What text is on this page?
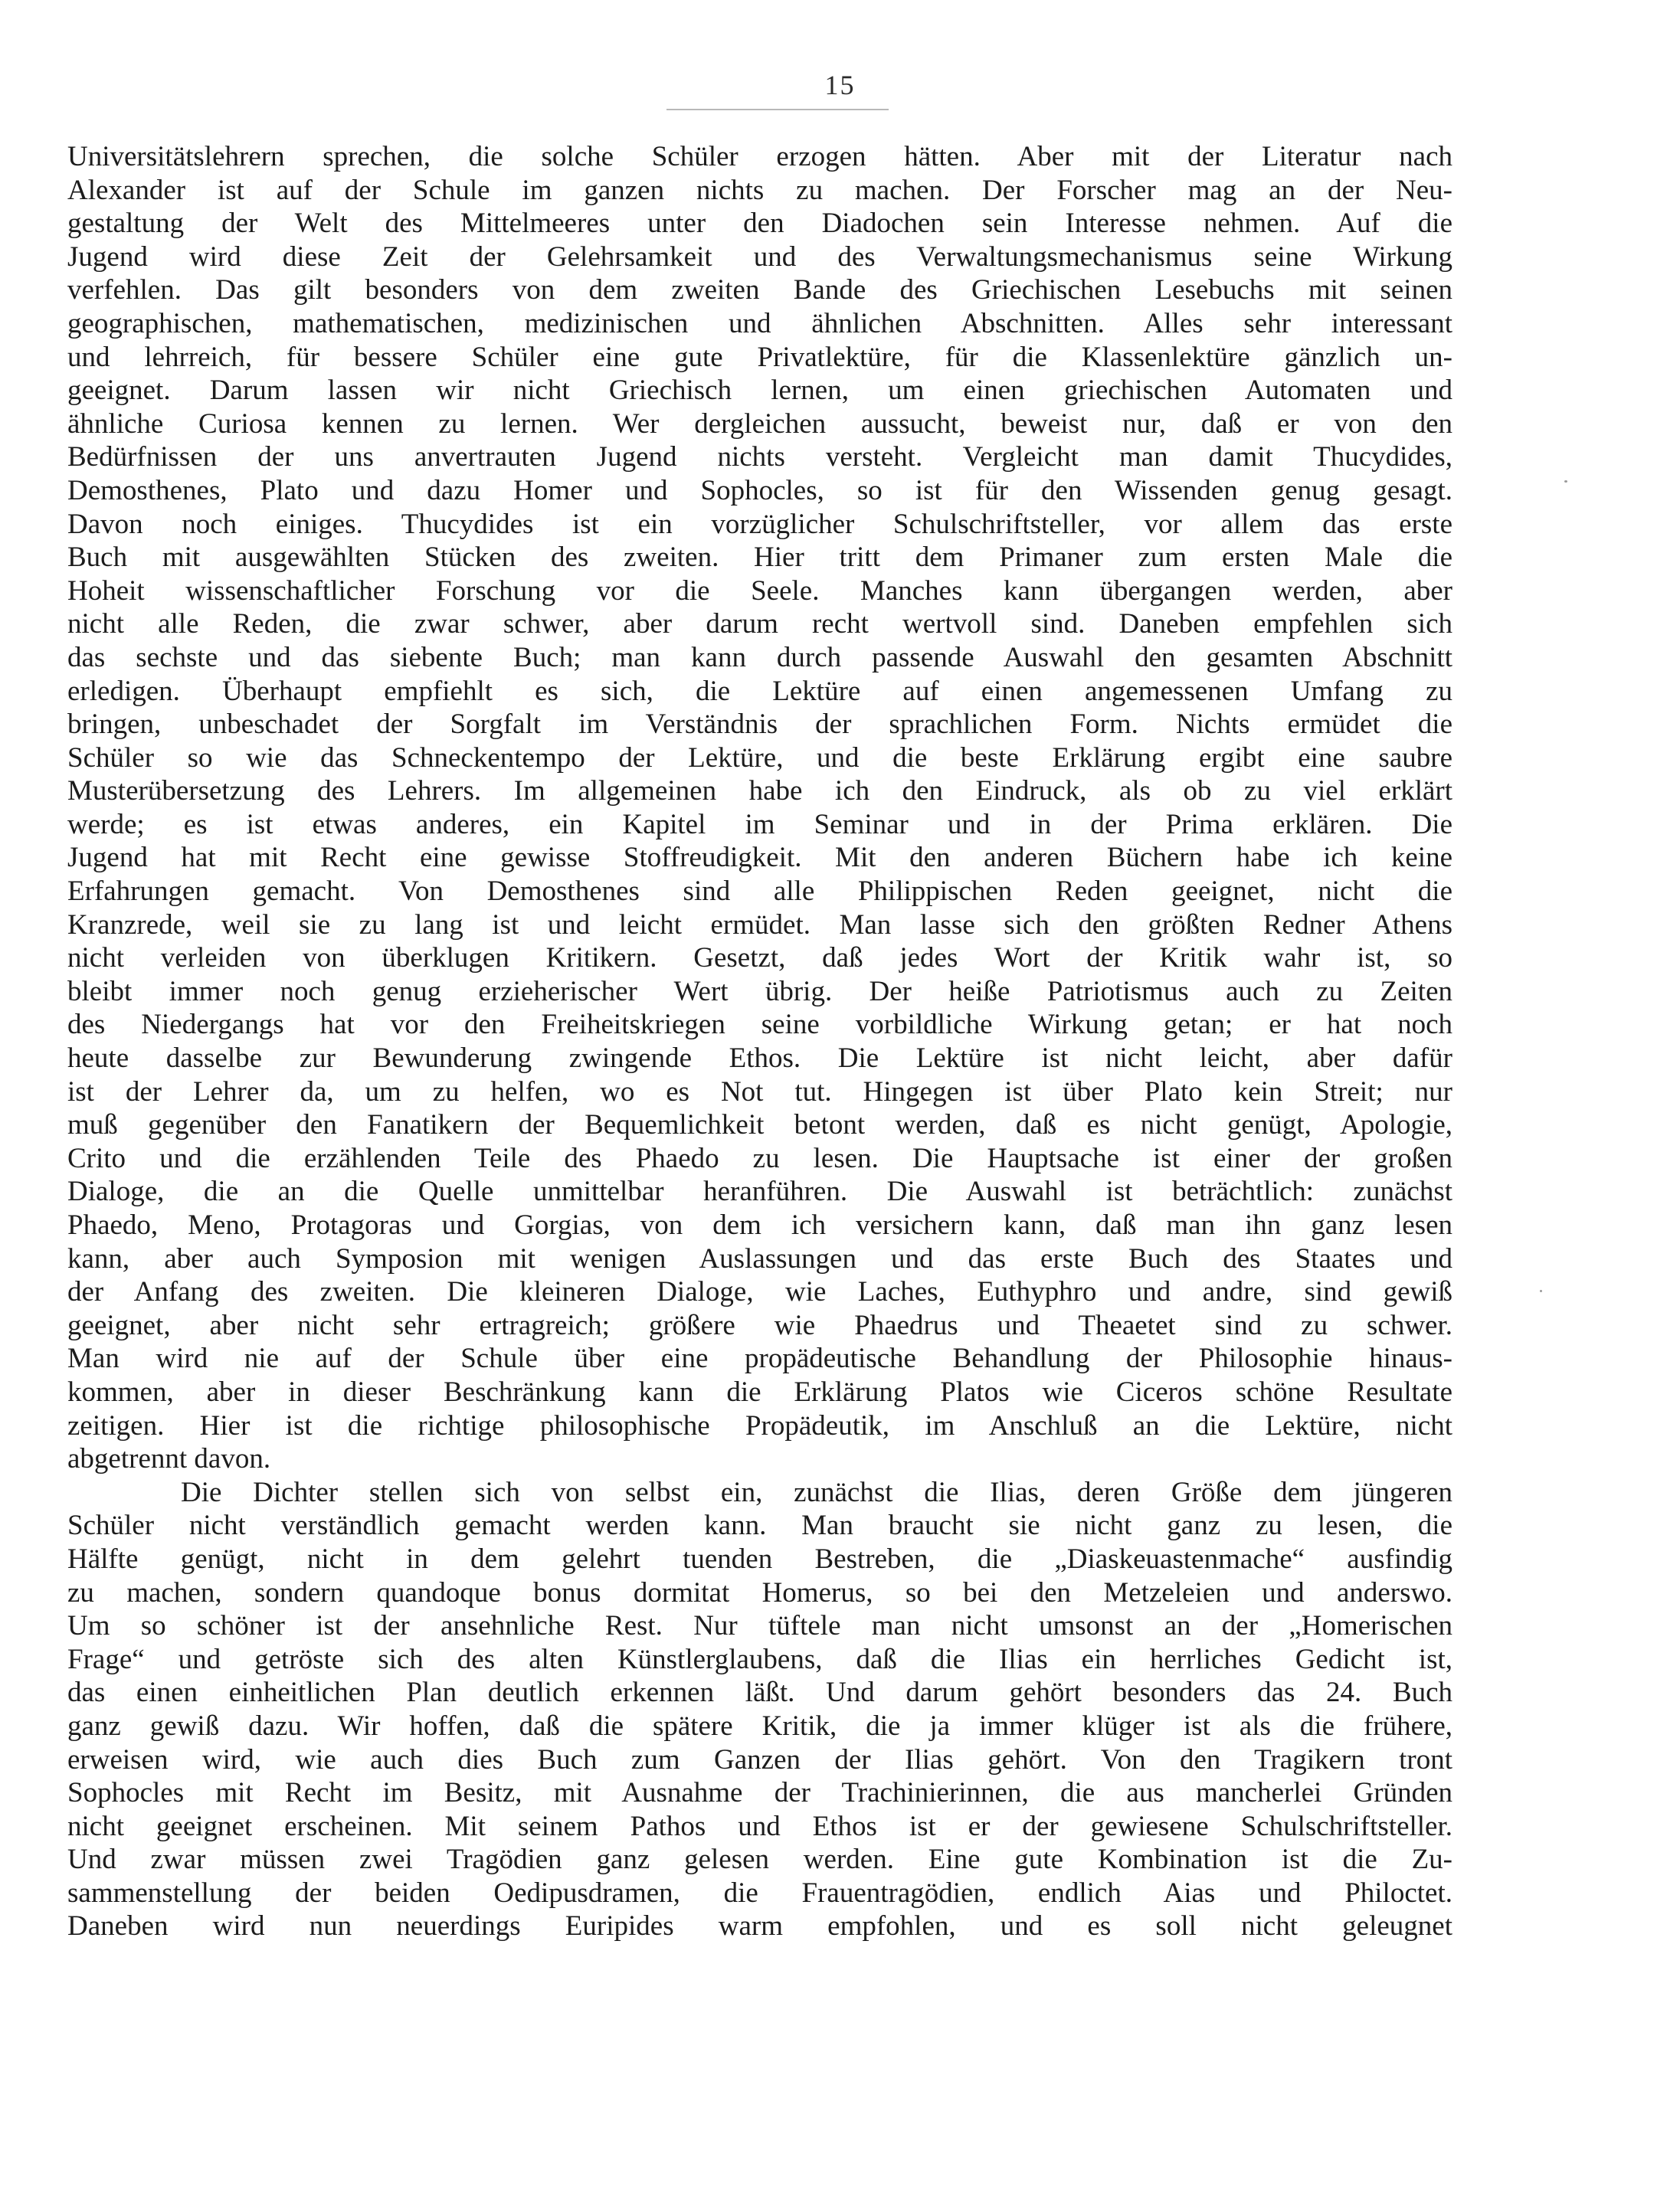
15
Universitätslehrern sprechen, die solche Schüler erzogen hätten. Aber mit der Literatur nach
Alexander ist auf der Schule im ganzen nichts zu machen. Der Forscher mag an der Neu-
gestaltung der Welt des Mittelmeeres unter den Diadochen sein Interesse nehmen. Auf die
Jugend wird diese Zeit der Gelehrsamkeit und des Verwaltungsmechanismus seine Wirkung
verfehlen. Das gilt besonders von dem zweiten Bande des Griechischen Lesebuchs mit seinen
geographischen, mathematischen, medizinischen und ähnlichen Abschnitten. Alles sehr interessant
und lehrreich, für bessere Schüler eine gute Privatlektüre, für die Klassenlektüre gänzlich un-
geeignet. Darum lassen wir nicht Griechisch lernen, um einen griechischen Automaten und
ähnliche Curiosa kennen zu lernen. Wer dergleichen aussucht, beweist nur, daß er von den
Bedürfnissen der uns anvertrauten Jugend nichts versteht. Vergleicht man damit Thucydides,
Demosthenes, Plato und dazu Homer und Sophocles, so ist für den Wissenden genug gesagt.
Davon noch einiges. Thucydides ist ein vorzüglicher Schulschriftsteller, vor allem das erste
Buch mit ausgewählten Stücken des zweiten. Hier tritt dem Primaner zum ersten Male die
Hoheit wissenschaftlicher Forschung vor die Seele. Manches kann übergangen werden, aber
nicht alle Reden, die zwar schwer, aber darum recht wertvoll sind. Daneben empfehlen sich
das sechste und das siebente Buch; man kann durch passende Auswahl den gesamten Abschnitt
erledigen. Überhaupt empfiehlt es sich, die Lektüre auf einen angemessenen Umfang zu
bringen, unbeschadet der Sorgfalt im Verständnis der sprachlichen Form. Nichts ermüdet die
Schüler so wie das Schneckentempo der Lektüre, und die beste Erklärung ergibt eine saubre
Musterübersetzung des Lehrers. Im allgemeinen habe ich den Eindruck, als ob zu viel erklärt
werde; es ist etwas anderes, ein Kapitel im Seminar und in der Prima erklären. Die
Jugend hat mit Recht eine gewisse Stoffreudigkeit. Mit den anderen Büchern habe ich keine
Erfahrungen gemacht. Von Demosthenes sind alle Philippischen Reden geeignet, nicht die
Kranzrede, weil sie zu lang ist und leicht ermüdet. Man lasse sich den größten Redner Athens
nicht verleiden von überklugen Kritikern. Gesetzt, daß jedes Wort der Kritik wahr ist, so
bleibt immer noch genug erzieherischer Wert übrig. Der heiße Patriotismus auch zu Zeiten
des Niedergangs hat vor den Freiheitskriegen seine vorbildliche Wirkung getan; er hat noch
heute dasselbe zur Bewunderung zwingende Ethos. Die Lektüre ist nicht leicht, aber dafür
ist der Lehrer da, um zu helfen, wo es Not tut. Hingegen ist über Plato kein Streit; nur
muß gegenüber den Fanatikern der Bequemlichkeit betont werden, daß es nicht genügt, Apologie,
Crito und die erzählenden Teile des Phaedo zu lesen. Die Hauptsache ist einer der großen
Dialoge, die an die Quelle unmittelbar heranführen. Die Auswahl ist beträchtlich: zunächst
Phaedo, Meno, Protagoras und Gorgias, von dem ich versichern kann, daß man ihn ganz lesen
kann, aber auch Symposion mit wenigen Auslassungen und das erste Buch des Staates und
der Anfang des zweiten. Die kleineren Dialoge, wie Laches, Euthyphro und andre, sind gewiß
geeignet, aber nicht sehr ertragreich; größere wie Phaedrus und Theaetet sind zu schwer.
Man wird nie auf der Schule über eine propädeutische Behandlung der Philosophie hinaus-
kommen, aber in dieser Beschränkung kann die Erklärung Platos wie Ciceros schöne Resultate
zeitigen. Hier ist die richtige philosophische Propädeutik, im Anschluß an die Lektüre, nicht
abgetrennt davon.
Die Dichter stellen sich von selbst ein, zunächst die Ilias, deren Größe dem jüngeren
Schüler nicht verständlich gemacht werden kann. Man braucht sie nicht ganz zu lesen, die
Hälfte genügt, nicht in dem gelehrt tuenden Bestreben, die „Diaskeuastenmache“ ausfindig
zu machen, sondern quandoque bonus dormitat Homerus, so bei den Metzeleien und anderswo.
Um so schöner ist der ansehnliche Rest. Nur tüftele man nicht umsonst an der „Homerischen
Frage“ und getröste sich des alten Künstlerglaubens, daß die Ilias ein herrliches Gedicht ist,
das einen einheitlichen Plan deutlich erkennen läßt. Und darum gehört besonders das 24. Buch
ganz gewiß dazu. Wir hoffen, daß die spätere Kritik, die ja immer klüger ist als die frühere,
erweisen wird, wie auch dies Buch zum Ganzen der Ilias gehört. Von den Tragikern tront
Sophocles mit Recht im Besitz, mit Ausnahme der Trachinierinnen, die aus mancherlei Gründen
nicht geeignet erscheinen. Mit seinem Pathos und Ethos ist er der gewiesene Schulschriftsteller.
Und zwar müssen zwei Tragödien ganz gelesen werden. Eine gute Kombination ist die Zu-
sammenstellung der beiden Oedipusdramen, die Frauentragödien, endlich Aias und Philoctet.
Daneben wird nun neuerdings Euripides warm empfohlen, und es soll nicht geleugnet
